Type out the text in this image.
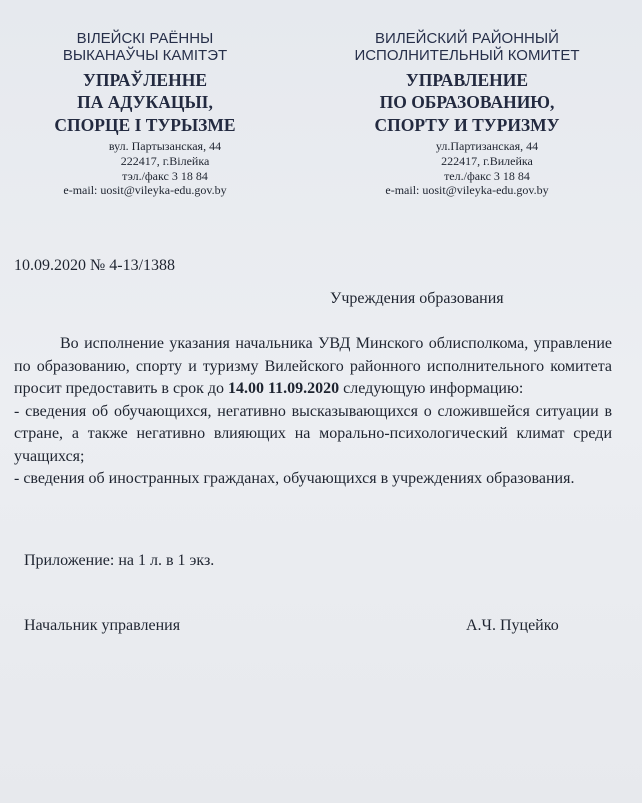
ВІЛЕЙСКІ РАЁННЫ
ВЫКАНАЎЧЫ КАМІТЭТ
УПРАЎЛЕННЕ
ПА АДУКАЦЫІ,
СПОРЦЕ І ТУРЫЗМЕ
вул. Партызанская, 44
222417, г.Вілейка
тэл./факс 3 18 84
e-mail: uosit@vileyka-edu.gov.by
ВИЛЕЙСКИЙ РАЙОННЫЙ
ИСПОЛНИТЕЛЬНЫЙ КОМИТЕТ
УПРАВЛЕНИЕ
ПО ОБРАЗОВАНИЮ,
СПОРТУ И ТУРИЗМУ
ул.Партизанская, 44
222417, г.Вилейка
тел./факс 3 18 84
e-mail: uosit@vileyka-edu.gov.by
10.09.2020 № 4-13/1388
Учреждения образования

Во исполнение указания начальника УВД Минского облисполкома, управление по образованию, спорту и туризму Вилейского районного исполнительного комитета просит предоставить в срок до 14.00 11.09.2020 следующую информацию:

- сведения об обучающихся, негативно высказывающихся о сложившейся ситуации в стране, а также негативно влияющих на морально-психологический климат среди учащихся;

- сведения об иностранных гражданах, обучающихся в учреждениях образования.

Приложение: на 1 л. в 1 экз.
Начальник управления	А.Ч. Пуцейко
